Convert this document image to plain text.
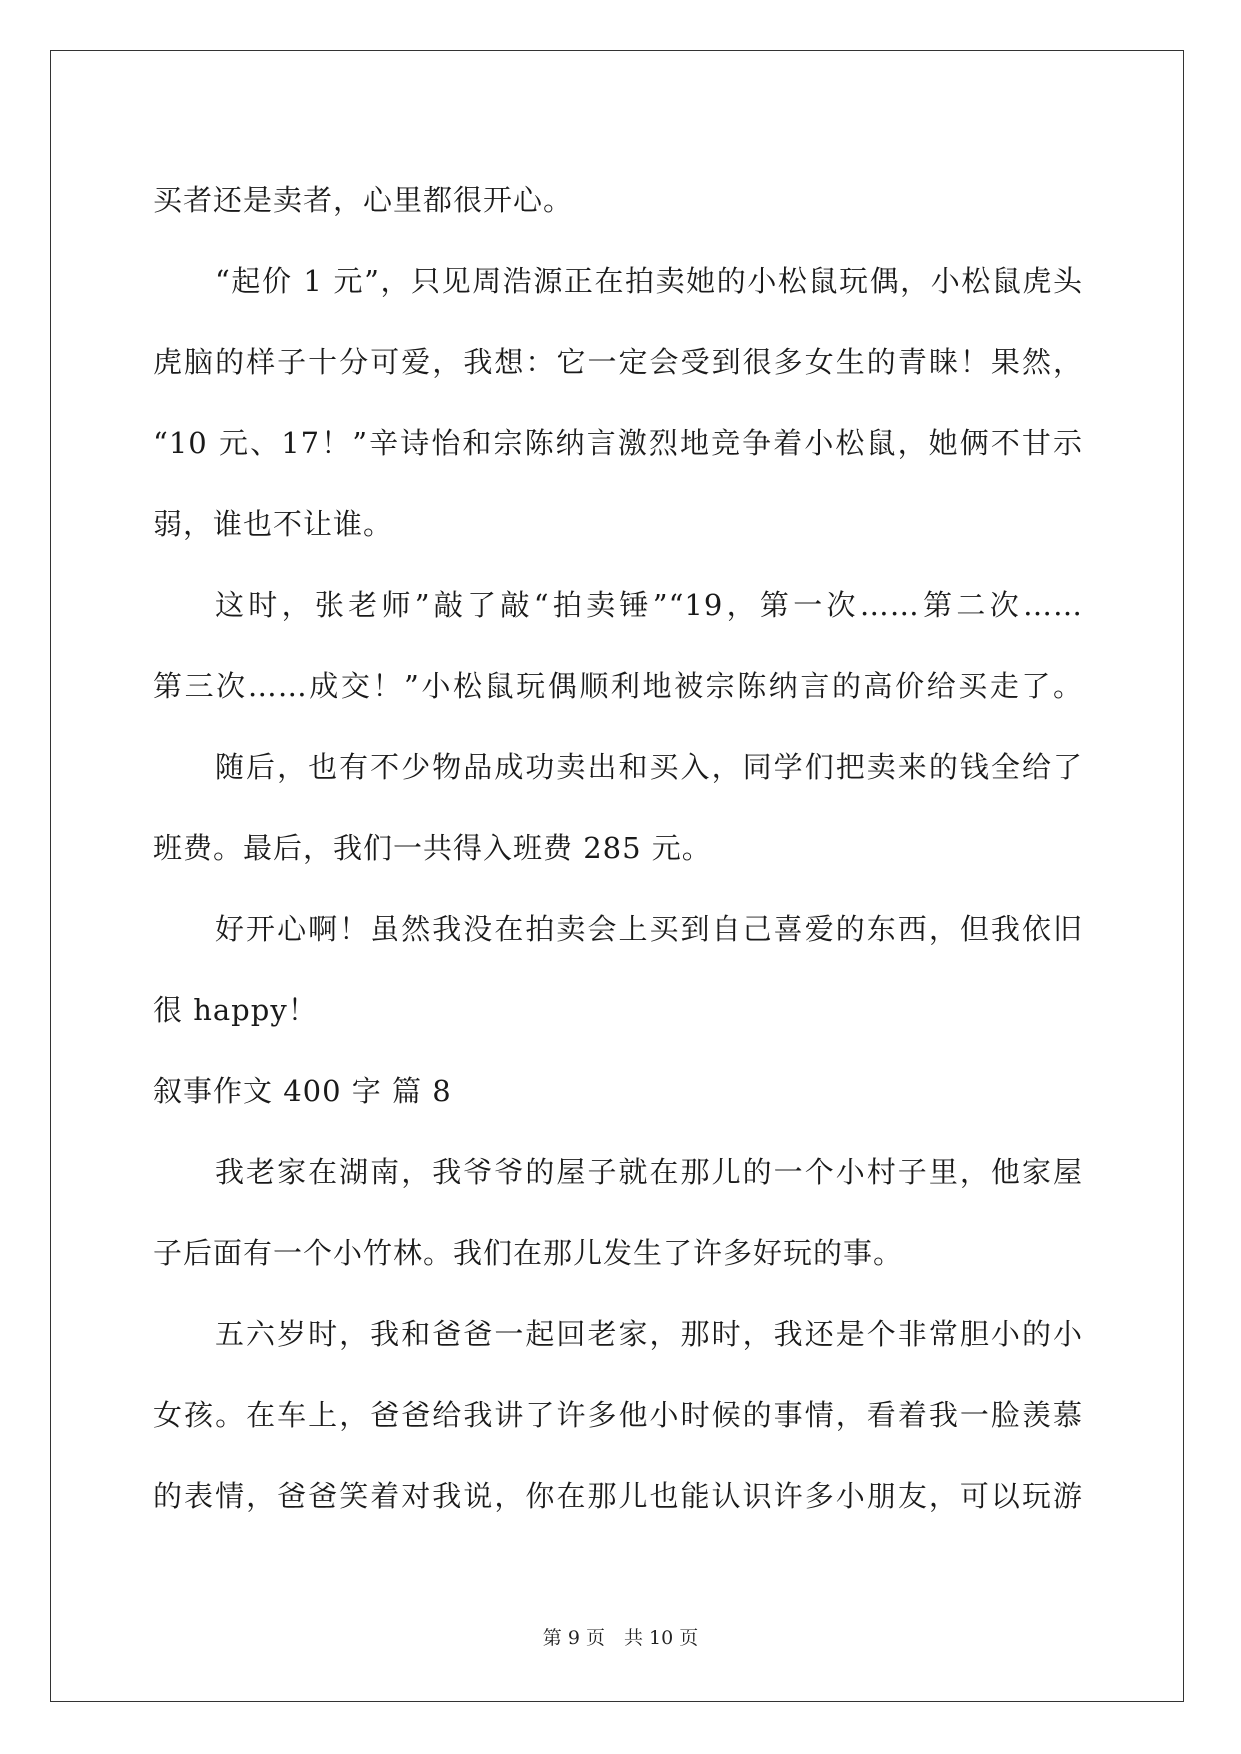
买者还是卖者，心里都很开心。
“起价 1 元”，只见周浩源正在拍卖她的小松鼠玩偶，小松鼠虎头
虎脑的样子十分可爱，我想：它一定会受到很多女生的青睐！果然，
“10 元、17！”辛诗怡和宗陈纳言激烈地竞争着小松鼠，她俩不甘示
弱，谁也不让谁。
这时，张老师”敲了敲“拍卖锤”“19，第一次……第二次……
第三次……成交！”小松鼠玩偶顺利地被宗陈纳言的高价给买走了。
随后，也有不少物品成功卖出和买入，同学们把卖来的钱全给了
班费。最后，我们一共得入班费 285 元。
好开心啊！虽然我没在拍卖会上买到自己喜爱的东西，但我依旧
很 happy！
叙事作文 400 字 篇 8
我老家在湖南，我爷爷的屋子就在那儿的一个小村子里，他家屋
子后面有一个小竹林。我们在那儿发生了许多好玩的事。
五六岁时，我和爸爸一起回老家，那时，我还是个非常胆小的小
女孩。在车上，爸爸给我讲了许多他小时候的事情，看着我一脸羡慕
的表情，爸爸笑着对我说，你在那儿也能认识许多小朋友，可以玩游
第 9 页　共 10 页
